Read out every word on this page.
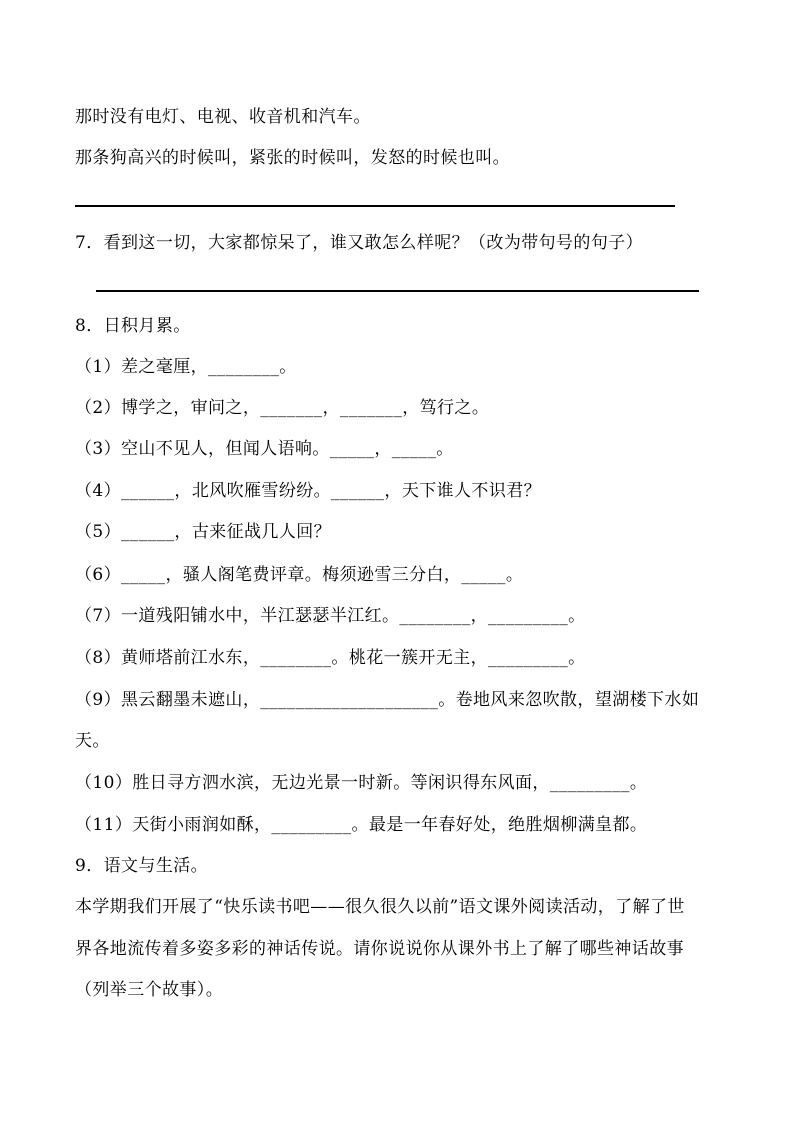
那时没有电灯、电视、收音机和汽车。
那条狗高兴的时候叫，紧张的时候叫，发怒的时候也叫。
7．看到这一切，大家都惊呆了，谁又敢怎么样呢？（改为带句号的句子）
8．日积月累。
（1）差之毫厘，________。
（2）博学之，审问之，_______，_______，笃行之。
（3）空山不见人，但闻人语响。_____，_____。
（4）______，北风吹雁雪纷纷。______，天下谁人不识君？
（5）______，古来征战几人回？
（6）_____，骚人阁笔费评章。梅须逊雪三分白，_____。
（7）一道残阳铺水中，半江瑟瑟半江红。________，_________。
（8）黄师塔前江水东，________。桃花一簇开无主，_________。
（9）黑云翻墨未遮山，____________________。卷地风来忽吹散，望湖楼下水如
天。
（10）胜日寻方泗水滨，无边光景一时新。等闲识得东风面，_________。
（11）天街小雨润如酥，_________。最是一年春好处，绝胜烟柳满皇都。
9．语文与生活。
本学期我们开展了“快乐读书吧——很久很久以前”语文课外阅读活动，了解了世
界各地流传着多姿多彩的神话传说。请你说说你从课外书上了解了哪些神话故事
（列举三个故事）。
